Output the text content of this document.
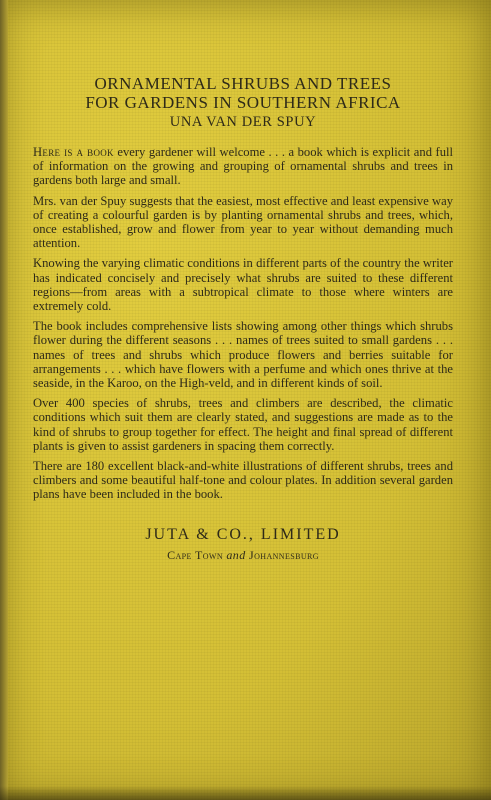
ORNAMENTAL SHRUBS AND TREES
FOR GARDENS IN SOUTHERN AFRICA
UNA VAN DER SPUY

Here is a book every gardener will welcome . . . a book which is explicit and full of information on the growing and grouping of ornamental shrubs and trees in gardens both large and small.

Mrs. van der Spuy suggests that the easiest, most effective and least expensive way of creating a colourful garden is by planting ornamental shrubs and trees, which, once established, grow and flower from year to year without demanding much attention.

Knowing the varying climatic conditions in different parts of the country the writer has indicated concisely and precisely what shrubs are suited to these different regions—from areas with a subtropical climate to those where winters are extremely cold.

The book includes comprehensive lists showing among other things which shrubs flower during the different seasons . . . names of trees suited to small gardens . . . names of trees and shrubs which produce flowers and berries suitable for arrangements . . . which have flowers with a perfume and which ones thrive at the seaside, in the Karoo, on the High-veld, and in different kinds of soil.

Over 400 species of shrubs, trees and climbers are described, the climatic conditions which suit them are clearly stated, and suggestions are made as to the kind of shrubs to group together for effect. The height and final spread of different plants is given to assist gardeners in spacing them correctly.

There are 180 excellent black-and-white illustrations of different shrubs, trees and climbers and some beautiful half-tone and colour plates. In addition several garden plans have been included in the book.

JUTA & CO., LIMITED
Cape Town and Johannesburg
